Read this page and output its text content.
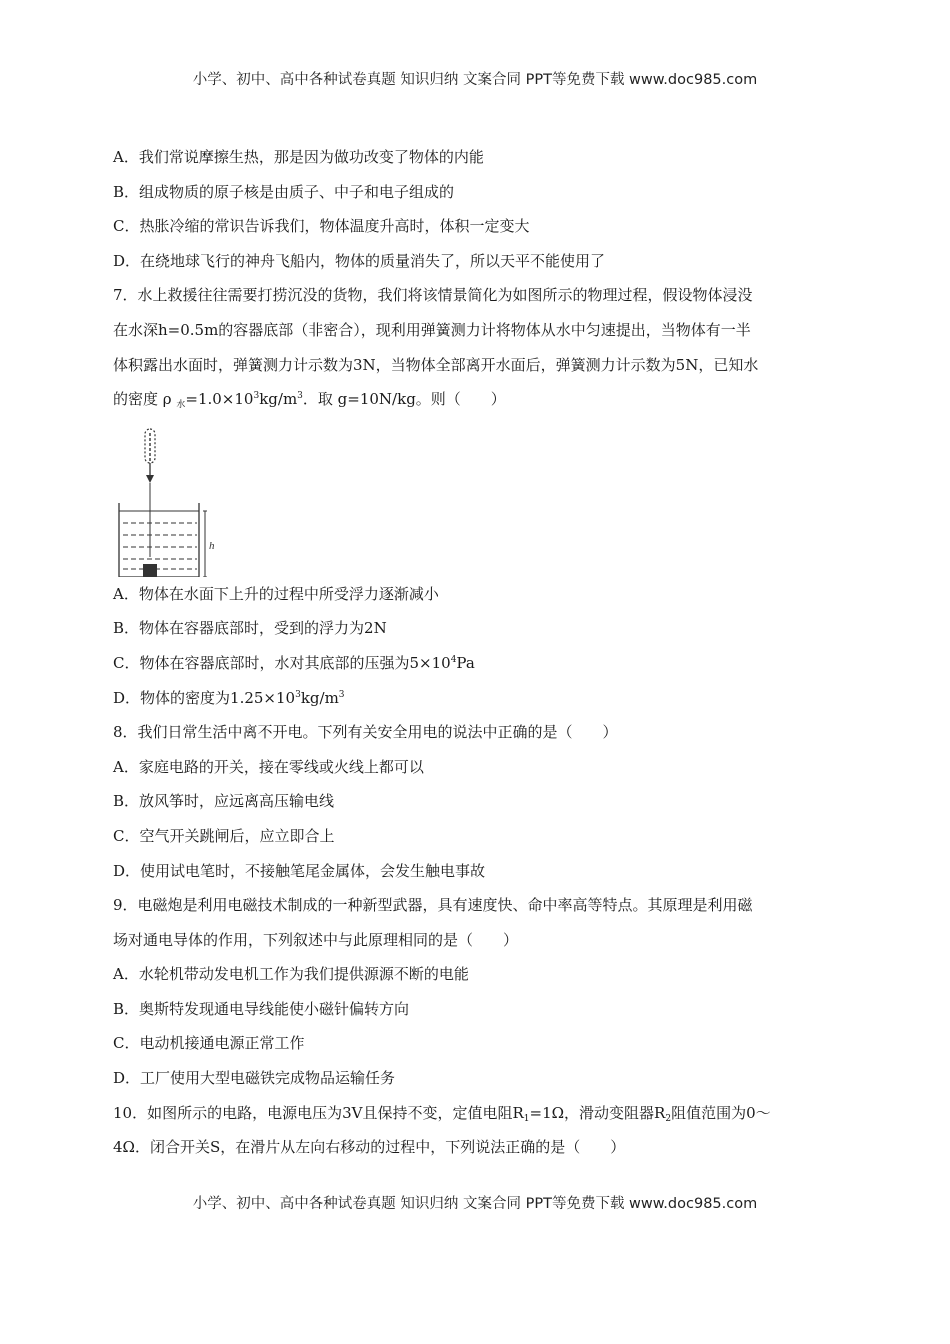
小学、初中、高中各种试卷真题 知识归纳 文案合同 PPT等免费下载 www.doc985.com
A．我们常说摩擦生热，那是因为做功改变了物体的内能
B．组成物质的原子核是由质子、中子和电子组成的
C．热胀冷缩的常识告诉我们，物体温度升高时，体积一定变大
D．在绕地球飞行的神舟飞船内，物体的质量消失了，所以天平不能使用了
7．水上救援往往需要打捞沉没的货物，我们将该情景简化为如图所示的物理过程，假设物体浸没
在水深h=0.5m的容器底部（非密合），现利用弹簧测力计将物体从水中匀速提出，当物体有一半
体积露出水面时，弹簧测力计示数为3N，当物体全部离开水面后，弹簧测力计示数为5N，已知水
的密度 ρ $_水=1.0\times 10^3kg/m^3$．取 g=10N/kg。则（　　）
h
A．物体在水面下上升的过程中所受浮力逐渐减小
B．物体在容器底部时，受到的浮力为2N
C．物体在容器底部时，水对其底部的压强为$5\times 10^4Pa$
D．物体的密度为$1.25\times 10^3kg/m^3$
8．我们日常生活中离不开电。下列有关安全用电的说法中正确的是（　　）
A．家庭电路的开关，接在零线或火线上都可以
B．放风筝时，应远离高压输电线
C．空气开关跳闸后，应立即合上
D．使用试电笔时，不接触笔尾金属体，会发生触电事故
9．电磁炮是利用电磁技术制成的一种新型武器，具有速度快、命中率高等特点。其原理是利用磁
场对通电导体的作用，下列叙述中与此原理相同的是（　　）
A．水轮机带动发电机工作为我们提供源源不断的电能
B．奥斯特发现通电导线能使小磁针偏转方向
C．电动机接通电源正常工作
D．工厂使用大型电磁铁完成物品运输任务
10．如图所示的电路，电源电压为3V且保持不变，定值电阻$R_1=1\Omega$，滑动变阻器$R_2$阻值范围为0～
4Ω．闭合开关S，在滑片从左向右移动的过程中，下列说法正确的是（　　）
小学、初中、高中各种试卷真题 知识归纳 文案合同 PPT等免费下载 www.doc985.com
